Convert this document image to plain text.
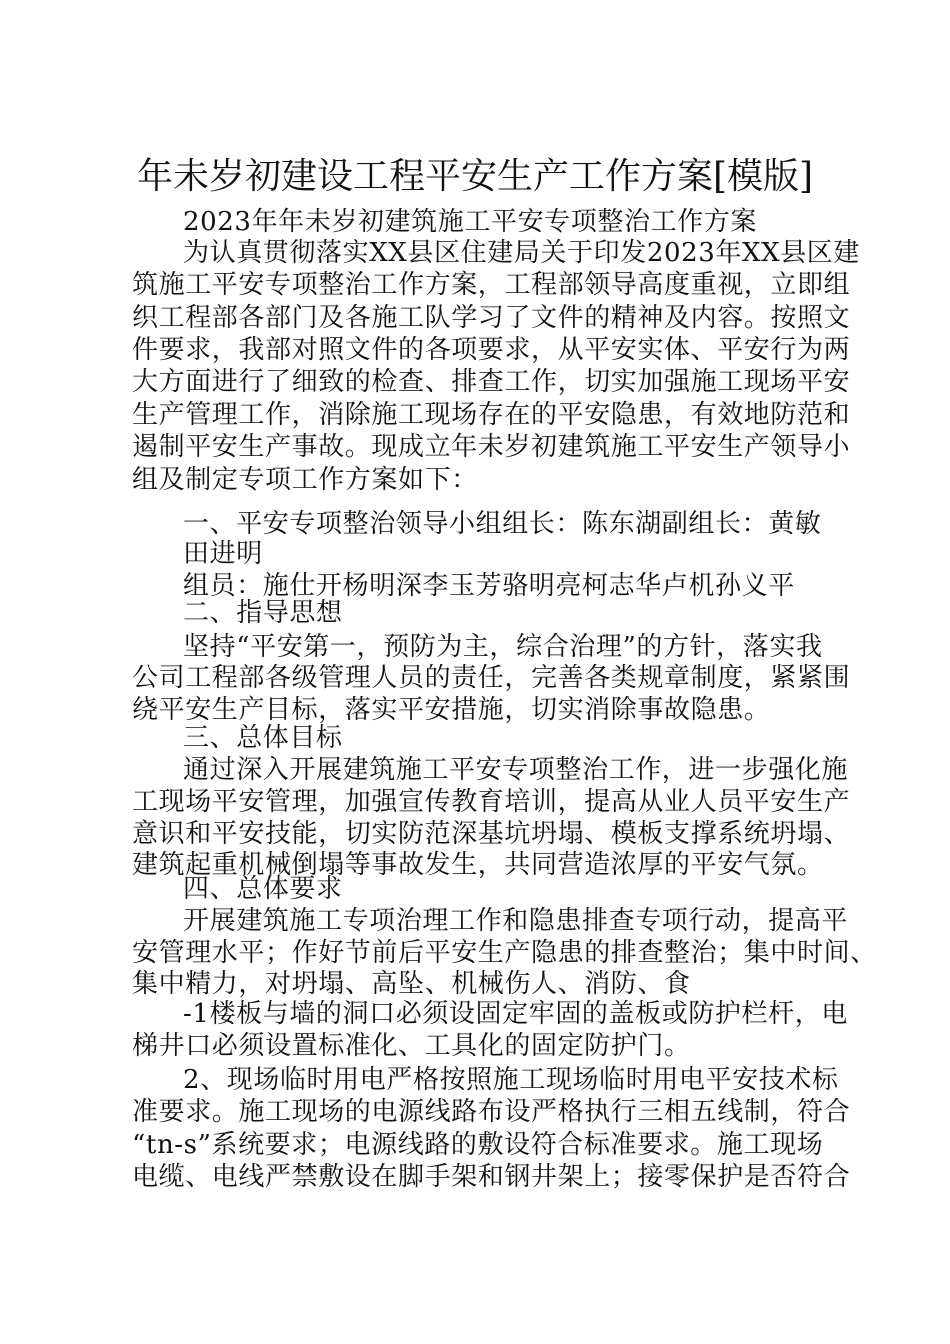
年未岁初建设工程平安生产工作方案[模版]
2023年年未岁初建筑施工平安专项整治工作方案
为认真贯彻落实XX县区住建局关于印发2023年XX县区建
筑施工平安专项整治工作方案，工程部领导高度重视，立即组
织工程部各部门及各施工队学习了文件的精神及内容。按照文
件要求，我部对照文件的各项要求，从平安实体、平安行为两
大方面进行了细致的检查、排查工作，切实加强施工现场平安
生产管理工作，消除施工现场存在的平安隐患，有效地防范和
遏制平安生产事故。现成立年未岁初建筑施工平安生产领导小
组及制定专项工作方案如下：
一、平安专项整治领导小组组长：陈东湖副组长：黄敏
田进明
组员：施仕开杨明深李玉芳骆明亮柯志华卢机孙义平
二、指导思想
坚持“平安第一，预防为主，综合治理”的方针，落实我
公司工程部各级管理人员的责任，完善各类规章制度，紧紧围
绕平安生产目标，落实平安措施，切实消除事故隐患。
三、总体目标
通过深入开展建筑施工平安专项整治工作，进一步强化施
工现场平安管理，加强宣传教育培训，提高从业人员平安生产
意识和平安技能，切实防范深基坑坍塌、模板支撑系统坍塌、
建筑起重机械倒塌等事故发生，共同营造浓厚的平安气氛。
四、总体要求
开展建筑施工专项治理工作和隐患排查专项行动，提高平
安管理水平；作好节前后平安生产隐患的排查整治；集中时间、
集中精力，对坍塌、高坠、机械伤人、消防、食
-1楼板与墙的洞口必须设固定牢固的盖板或防护栏杆，电
梯井口必须设置标准化、工具化的固定防护门。
2、现场临时用电严格按照施工现场临时用电平安技术标
准要求。施工现场的电源线路布设严格执行三相五线制，符合
“tn-s”系统要求；电源线路的敷设符合标准要求。施工现场
电缆、电线严禁敷设在脚手架和钢井架上；接零保护是否符合
